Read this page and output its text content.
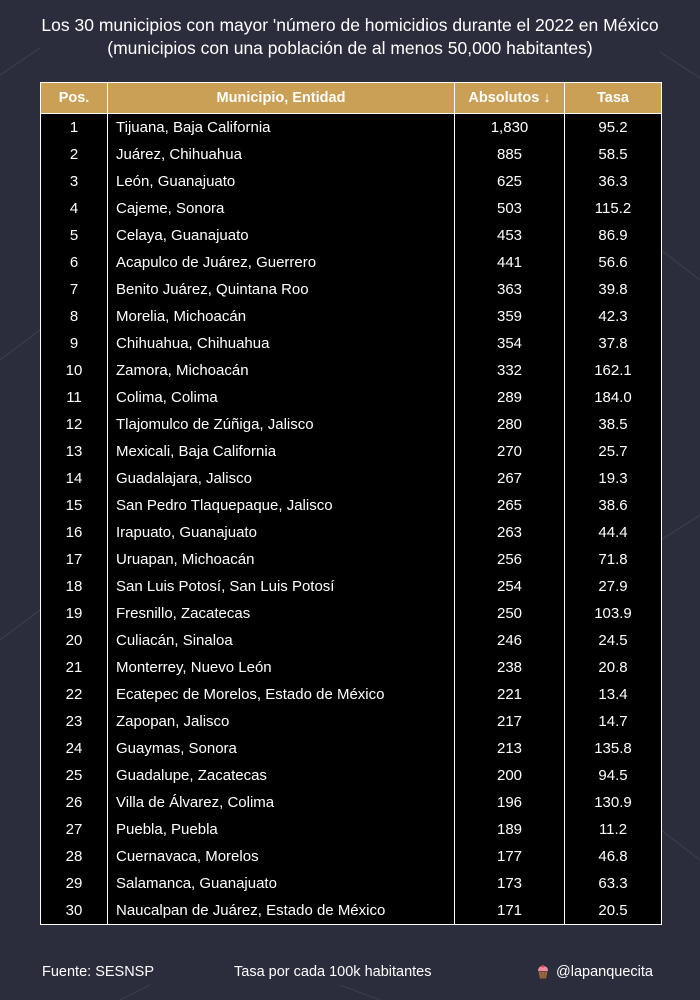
Los 30 municipios con mayor 'número de homicidios durante el 2022 en México
(municipios con una población de al menos 50,000 habitantes)
Pos.	Municipio, Entidad	Absolutos ↓	Tasa
1	Tijuana, Baja California	1,830	95.2
2	Juárez, Chihuahua	885	58.5
3	León, Guanajuato	625	36.3
4	Cajeme, Sonora	503	115.2
5	Celaya, Guanajuato	453	86.9
6	Acapulco de Juárez, Guerrero	441	56.6
7	Benito Juárez, Quintana Roo	363	39.8
8	Morelia, Michoacán	359	42.3
9	Chihuahua, Chihuahua	354	37.8
10	Zamora, Michoacán	332	162.1
11	Colima, Colima	289	184.0
12	Tlajomulco de Zúñiga, Jalisco	280	38.5
13	Mexicali, Baja California	270	25.7
14	Guadalajara, Jalisco	267	19.3
15	San Pedro Tlaquepaque, Jalisco	265	38.6
16	Irapuato, Guanajuato	263	44.4
17	Uruapan, Michoacán	256	71.8
18	San Luis Potosí, San Luis Potosí	254	27.9
19	Fresnillo, Zacatecas	250	103.9
20	Culiacán, Sinaloa	246	24.5
21	Monterrey, Nuevo León	238	20.8
22	Ecatepec de Morelos, Estado de México	221	13.4
23	Zapopan, Jalisco	217	14.7
24	Guaymas, Sonora	213	135.8
25	Guadalupe, Zacatecas	200	94.5
26	Villa de Álvarez, Colima	196	130.9
27	Puebla, Puebla	189	11.2
28	Cuernavaca, Morelos	177	46.8
29	Salamanca, Guanajuato	173	63.3
30	Naucalpan de Juárez, Estado de México	171	20.5
Fuente: SESNSP	Tasa por cada 100k habitantes	@lapanquecita
